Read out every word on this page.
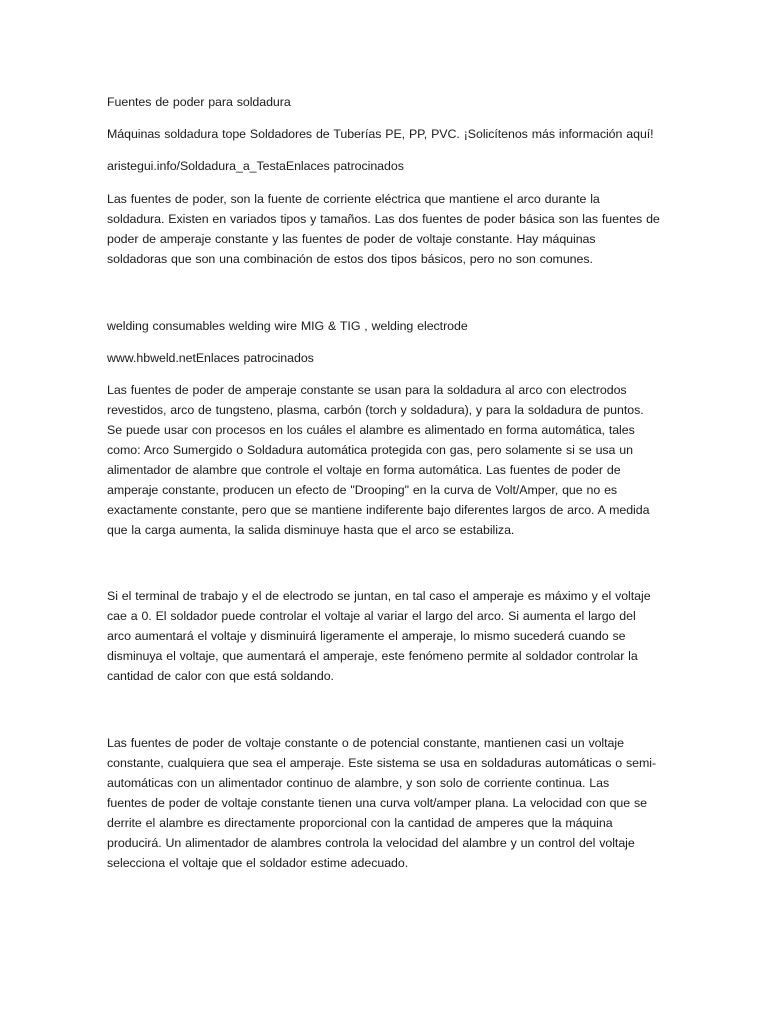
Fuentes de poder para soldadura

Máquinas soldadura tope Soldadores de Tuberías PE, PP, PVC. ¡Solicítenos más información aquí!

aristegui.info/Soldadura_a_TestaEnlaces patrocinados

Las fuentes de poder, son la fuente de corriente eléctrica que mantiene el arco durante la
soldadura. Existen en variados tipos y tamaños. Las dos fuentes de poder básica son las fuentes de
poder de amperaje constante y las fuentes de poder de voltaje constante. Hay máquinas
soldadoras que son una combinación de estos dos tipos básicos, pero no son comunes.

welding consumables welding wire MIG & TIG , welding electrode

www.hbweld.netEnlaces patrocinados

Las fuentes de poder de amperaje constante se usan para la soldadura al arco con electrodos
revestidos, arco de tungsteno, plasma, carbón (torch y soldadura), y para la soldadura de puntos.
Se puede usar con procesos en los cuáles el alambre es alimentado en forma automática, tales
como: Arco Sumergido o Soldadura automática protegida con gas, pero solamente si se usa un
alimentador de alambre que controle el voltaje en forma automática. Las fuentes de poder de
amperaje constante, producen un efecto de "Drooping" en la curva de Volt/Amper, que no es
exactamente constante, pero que se mantiene indiferente bajo diferentes largos de arco. A medida
que la carga aumenta, la salida disminuye hasta que el arco se estabiliza.

Si el terminal de trabajo y el de electrodo se juntan, en tal caso el amperaje es máximo y el voltaje
cae a 0. El soldador puede controlar el voltaje al variar el largo del arco. Si aumenta el largo del
arco aumentará el voltaje y disminuirá ligeramente el amperaje, lo mismo sucederá cuando se
disminuya el voltaje, que aumentará el amperaje, este fenómeno permite al soldador controlar la
cantidad de calor con que está soldando.

Las fuentes de poder de voltaje constante o de potencial constante, mantienen casi un voltaje
constante, cualquiera que sea el amperaje. Este sistema se usa en soldaduras automáticas o semi-
automáticas con un alimentador continuo de alambre, y son solo de corriente continua. Las
fuentes de poder de voltaje constante tienen una curva volt/amper plana. La velocidad con que se
derrite el alambre es directamente proporcional con la cantidad de amperes que la máquina
producirá. Un alimentador de alambres controla la velocidad del alambre y un control del voltaje
selecciona el voltaje que el soldador estime adecuado.
